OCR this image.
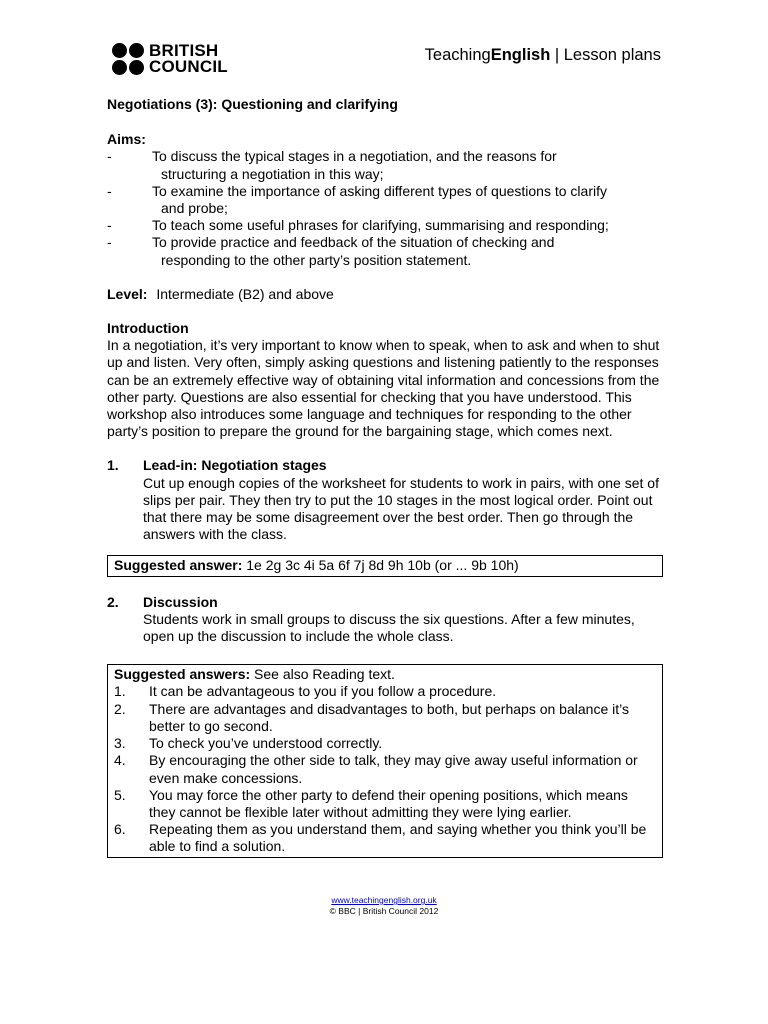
BRITISH
COUNCIL
TeachingEnglish | Lesson plans

Negotiations (3): Questioning and clarifying

Aims:
-	To discuss the typical stages in a negotiation, and the reasons for
structuring a negotiation in this way;
-	To examine the importance of asking different types of questions to clarify
and probe;
-	To teach some useful phrases for clarifying, summarising and responding;
-	To provide practice and feedback of the situation of checking and
responding to the other party’s position statement.
Level: Intermediate (B2) and above
Introduction
In a negotiation, it’s very important to know when to speak, when to ask and when to shut up and listen. Very often, simply asking questions and listening patiently to the responses can be an extremely effective way of obtaining vital information and concessions from the other party. Questions are also essential for checking that you have understood. This workshop also introduces some language and techniques for responding to the other party’s position to prepare the ground for the bargaining stage, which comes next.
1.	Lead-in: Negotiation stages
Cut up enough copies of the worksheet for students to work in pairs, with one set of slips per pair. They then try to put the 10 stages in the most logical order. Point out that there may be some disagreement over the best order. Then go through the answers with the class.
Suggested answer: 1e 2g 3c 4i 5a 6f 7j 8d 9h 10b (or ... 9b 10h)
2.	Discussion
Students work in small groups to discuss the six questions. After a few minutes, open up the discussion to include the whole class.
Suggested answers: See also Reading text.
1.	It can be advantageous to you if you follow a procedure.
2.	There are advantages and disadvantages to both, but perhaps on balance it’s better to go second.
3.	To check you’ve understood correctly.
4.	By encouraging the other side to talk, they may give away useful information or even make concessions.
5.	You may force the other party to defend their opening positions, which means they cannot be flexible later without admitting they were lying earlier.
6.	Repeating them as you understand them, and saying whether you think you’ll be able to find a solution.
www.teachingenglish.org.uk
© BBC | British Council 2012
